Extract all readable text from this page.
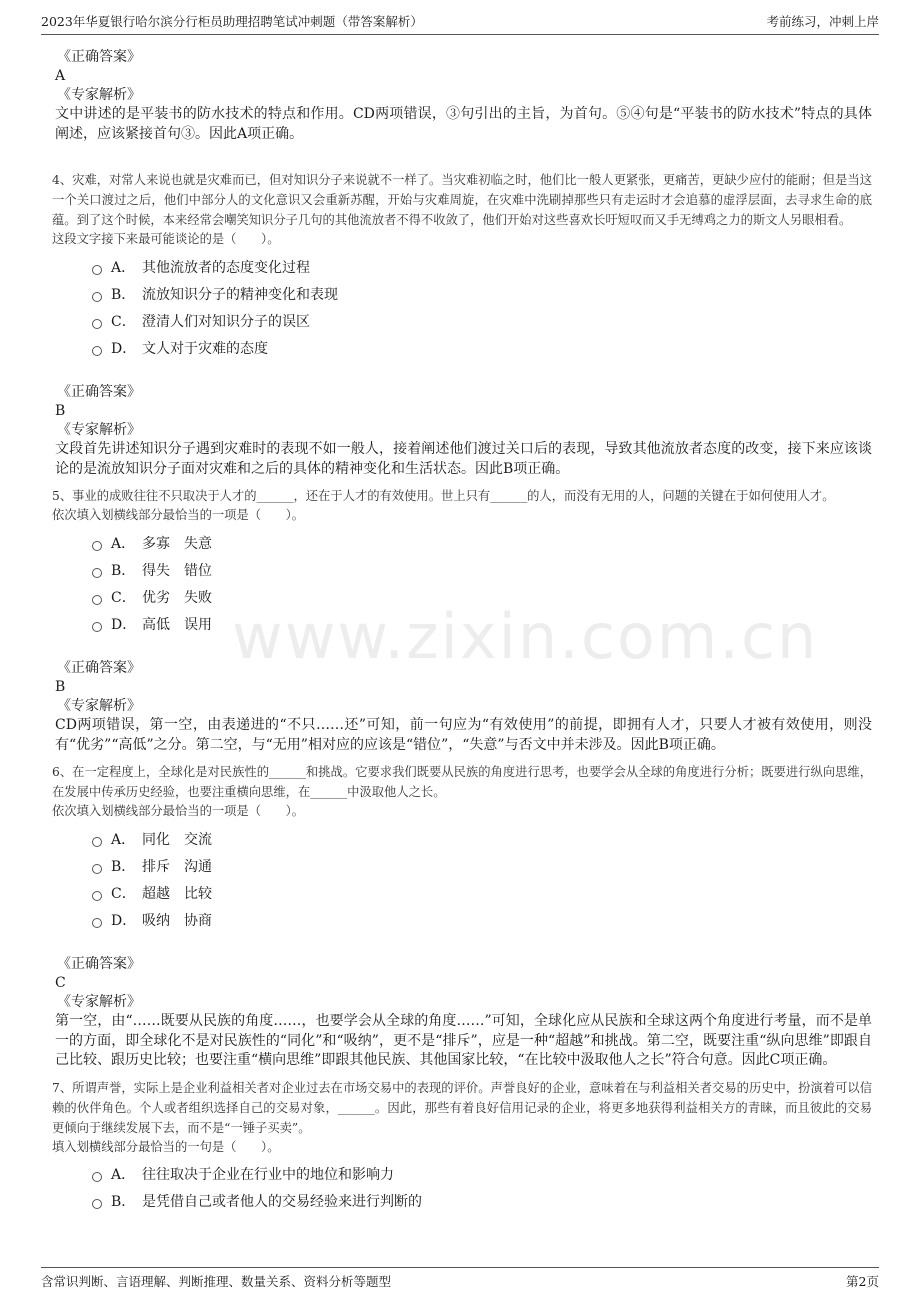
2023年华夏银行哈尔滨分行柜员助理招聘笔试冲刺题（带答案解析）	考前练习，冲刺上岸
www.zixin.com.cn
《正确答案》
A
《专家解析》
文中讲述的是平装书的防水技术的特点和作用。CD两项错误，③句引出的主旨，为首句。⑤④句是“平装书的防水技术”特点的具体阐述，应该紧接首句③。因此A项正确。
4、灾难，对常人来说也就是灾难而已，但对知识分子来说就不一样了。当灾难初临之时，他们比一般人更紧张，更痛苦，更缺少应付的能耐；但是当这一个关口渡过之后，他们中部分人的文化意识又会重新苏醒，开始与灾难周旋，在灾难中洗刷掉那些只有走运时才会追慕的虚浮层面，去寻求生命的底蕴。到了这个时候，本来经常会嘲笑知识分子几句的其他流放者不得不收敛了，他们开始对这些喜欢长吁短叹而又手无缚鸡之力的斯文人另眼相看。
这段文字接下来最可能谈论的是（　　）。
A． 其他流放者的态度变化过程
B． 流放知识分子的精神变化和表现
C． 澄清人们对知识分子的误区
D． 文人对于灾难的态度
《正确答案》
B
《专家解析》
文段首先讲述知识分子遇到灾难时的表现不如一般人，接着阐述他们渡过关口后的表现，导致其他流放者态度的改变，接下来应该谈论的是流放知识分子面对灾难和之后的具体的精神变化和生活状态。因此B项正确。
5、事业的成败往往不只取决于人才的______，还在于人才的有效使用。世上只有______的人，而没有无用的人，问题的关键在于如何使用人才。
依次填入划横线部分最恰当的一项是（　　）。
A． 多寡　失意
B． 得失　错位
C． 优劣　失败
D． 高低　误用
《正确答案》
B
《专家解析》
CD两项错误，第一空，由表递进的“不只……还”可知，前一句应为“有效使用”的前提，即拥有人才，只要人才被有效使用，则没有“优劣”“高低”之分。第二空，与“无用”相对应的应该是“错位”，“失意”与否文中并未涉及。因此B项正确。
6、在一定程度上，全球化是对民族性的______和挑战。它要求我们既要从民族的角度进行思考，也要学会从全球的角度进行分析；既要进行纵向思维，在发展中传承历史经验，也要注重横向思维，在______中汲取他人之长。
依次填入划横线部分最恰当的一项是（　　）。
A． 同化　交流
B． 排斥　沟通
C． 超越　比较
D． 吸纳　协商
《正确答案》
C
《专家解析》
第一空，由“……既要从民族的角度……，也要学会从全球的角度……”可知，全球化应从民族和全球这两个角度进行考量，而不是单一的方面，即全球化不是对民族性的“同化”和“吸纳”，更不是“排斥”，应是一种“超越”和挑战。第二空，既要注重“纵向思维”即跟自己比较、跟历史比较；也要注重“横向思维”即跟其他民族、其他国家比较，“在比较中汲取他人之长”符合句意。因此C项正确。
7、所谓声誉，实际上是企业利益相关者对企业过去在市场交易中的表现的评价。声誉良好的企业，意味着在与利益相关者交易的历史中，扮演着可以信赖的伙伴角色。个人或者组织选择自己的交易对象，______。因此，那些有着良好信用记录的企业，将更多地获得利益相关方的青睐，而且彼此的交易更倾向于继续发展下去，而不是“一锤子买卖”。
填入划横线部分最恰当的一句是（　　）。
A． 往往取决于企业在行业中的地位和影响力
B． 是凭借自己或者他人的交易经验来进行判断的
含常识判断、言语理解、判断推理、数量关系、资料分析等题型	第2页
